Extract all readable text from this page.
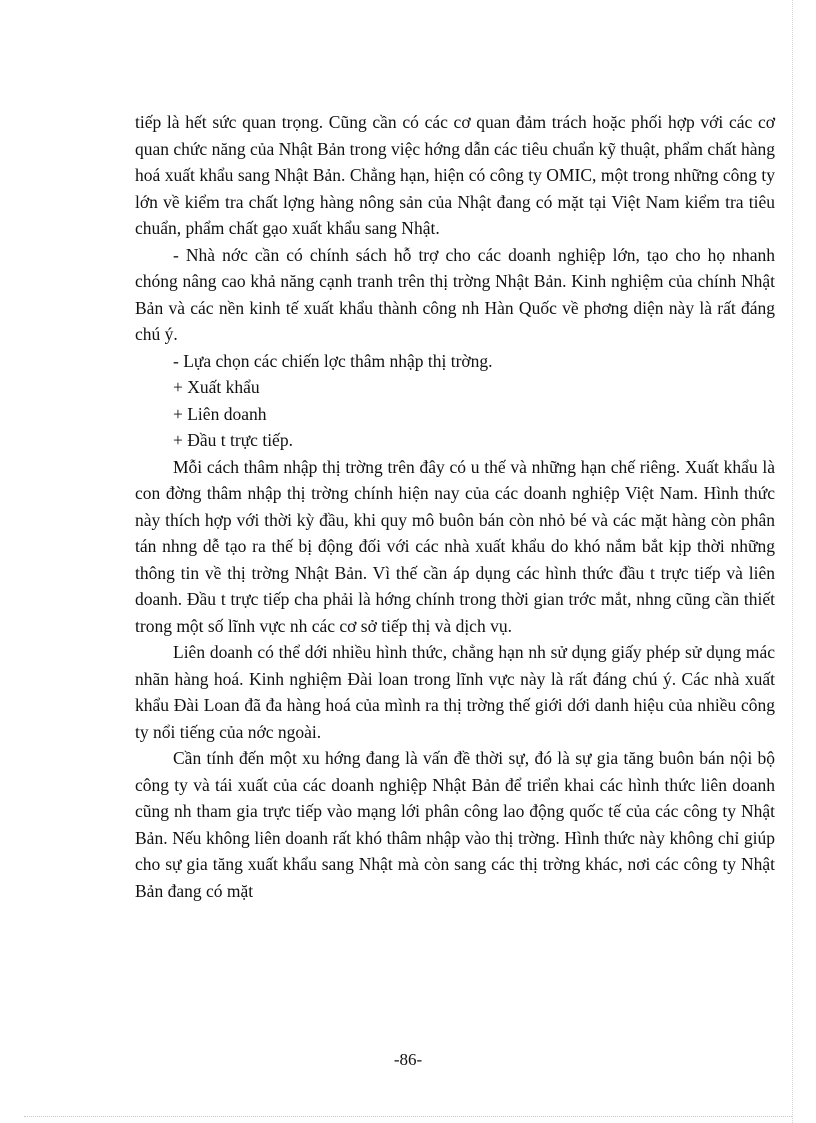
tiếp là hết sức quan trọng. Cũng cần có các cơ quan đảm trách hoặc phối hợp với các cơ quan chức năng của Nhật Bản trong việc hớng dẫn các tiêu chuẩn kỹ thuật, phẩm chất hàng hoá xuất khẩu sang Nhật Bản. Chẳng hạn, hiện có công ty OMIC, một trong những công ty lớn về kiểm tra chất lợng hàng nông sản của Nhật đang có mặt tại Việt Nam kiểm tra tiêu chuẩn, phẩm chất gạo xuất khẩu sang Nhật.

- Nhà nớc cần có chính sách hỗ trợ cho các doanh nghiệp lớn, tạo cho họ nhanh chóng nâng cao khả năng cạnh tranh trên thị trờng Nhật Bản. Kinh nghiệm của chính Nhật Bản và các nền kinh tế xuất khẩu thành công nh Hàn Quốc về phơng diện này là rất đáng chú ý.

- Lựa chọn các chiến lợc thâm nhập thị trờng.

+ Xuất khẩu

+ Liên doanh

+ Đầu t trực tiếp.

Mỗi cách thâm nhập thị trờng trên đây có u thế và những hạn chế riêng. Xuất khẩu là con đờng thâm nhập thị trờng chính hiện nay của các doanh nghiệp Việt Nam. Hình thức này thích hợp với thời kỳ đầu, khi quy mô buôn bán còn nhỏ bé và các mặt hàng còn phân tán nhng dễ tạo ra thế bị động đối với các nhà xuất khẩu do khó nắm bắt kịp thời những thông tin về thị trờng Nhật Bản. Vì thế cần áp dụng các hình thức đầu t trực tiếp và liên doanh. Đầu t trực tiếp cha phải là hớng chính trong thời gian trớc mắt, nhng cũng cần thiết trong một số lĩnh vực nh các cơ sở tiếp thị và dịch vụ.

Liên doanh có thể dới nhiều hình thức, chẳng hạn nh sử dụng giấy phép sử dụng mác nhãn hàng hoá. Kinh nghiệm Đài loan trong lĩnh vực này là rất đáng chú ý. Các nhà xuất khẩu Đài Loan đã đa hàng hoá của mình ra thị trờng thế giới dới danh hiệu của nhiều công ty nổi tiếng của nớc ngoài.

Cần tính đến một xu hớng đang là vấn đề thời sự, đó là sự gia tăng buôn bán nội bộ công ty và tái xuất của các doanh nghiệp Nhật Bản để triển khai các hình thức liên doanh cũng nh tham gia trực tiếp vào mạng lới phân công lao động quốc tế của các công ty Nhật Bản. Nếu không liên doanh rất khó thâm nhập vào thị trờng. Hình thức này không chỉ giúp cho sự gia tăng xuất khẩu sang Nhật mà còn sang các thị trờng khác, nơi các công ty Nhật Bản đang có mặt

-86-
